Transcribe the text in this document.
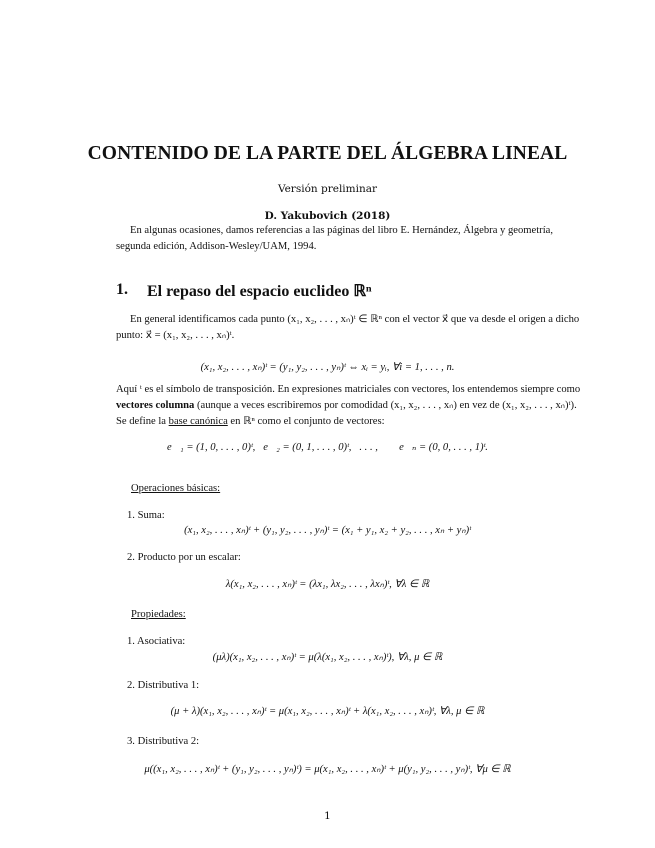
CONTENIDO DE LA PARTE DEL ÁLGEBRA LINEAL
Versión preliminar
D. Yakubovich (2018)
En algunas ocasiones, damos referencias a las páginas del libro E. Hernández, Álgebra y geometría,
segunda edición, Addison-Wesley/UAM, 1994.
1. El repaso del espacio euclideo ℝⁿ
En general identificamos cada punto (x₁, x₂, . . . , xₙ)ᵗ ∈ ℝⁿ con el vector x⃗ que va desde el origen a dicho
punto: x⃗ = (x₁, x₂, . . . , xₙ)ᵗ.
(x₁, x₂, . . . , xₙ)ᵗ = (y₁, y₂, . . . , yₙ)ᵗ ⇔ xᵢ = yᵢ, ∀i = 1, . . . , n.
Aquí ᵗ es el símbolo de transposición. En expresiones matriciales con vectores, los entendemos siempre como
vectores columna (aunque a veces escribiremos por comodidad (x₁, x₂, . . . , xₙ) en vez de (x₁, x₂, . . . , xₙ)ᵗ).
Se define la base canónica en ℝⁿ como el conjunto de vectores:
e⃗₁ = (1, 0, . . . , 0)ᵗ,   e⃗₂ = (0, 1, . . . , 0)ᵗ,   . . . ,        e⃗ₙ = (0, 0, . . . , 1)ᵗ.
Operaciones básicas:
1. Suma:
(x₁, x₂, . . . , xₙ)ᵗ + (y₁, y₂, . . . , yₙ)ᵗ = (x₁ + y₁, x₂ + y₂, . . . , xₙ + yₙ)ᵗ
2. Producto por un escalar:
λ(x₁, x₂, . . . , xₙ)ᵗ = (λx₁, λx₂, . . . , λxₙ)ᵗ, ∀λ ∈ ℝ
Propiedades:
1. Asociativa:
(μλ)(x₁, x₂, . . . , xₙ)ᵗ = μ(λ(x₁, x₂, . . . , xₙ)ᵗ), ∀λ, μ ∈ ℝ
2. Distributiva 1:
(μ + λ)(x₁, x₂, . . . , xₙ)ᵗ = μ(x₁, x₂, . . . , xₙ)ᵗ + λ(x₁, x₂, . . . , xₙ)ᵗ, ∀λ, μ ∈ ℝ
3. Distributiva 2:
μ((x₁, x₂, . . . , xₙ)ᵗ + (y₁, y₂, . . . , yₙ)ᵗ) = μ(x₁, x₂, . . . , xₙ)ᵗ + μ(y₁, y₂, . . . , yₙ)ᵗ, ∀μ ∈ ℝ
1
